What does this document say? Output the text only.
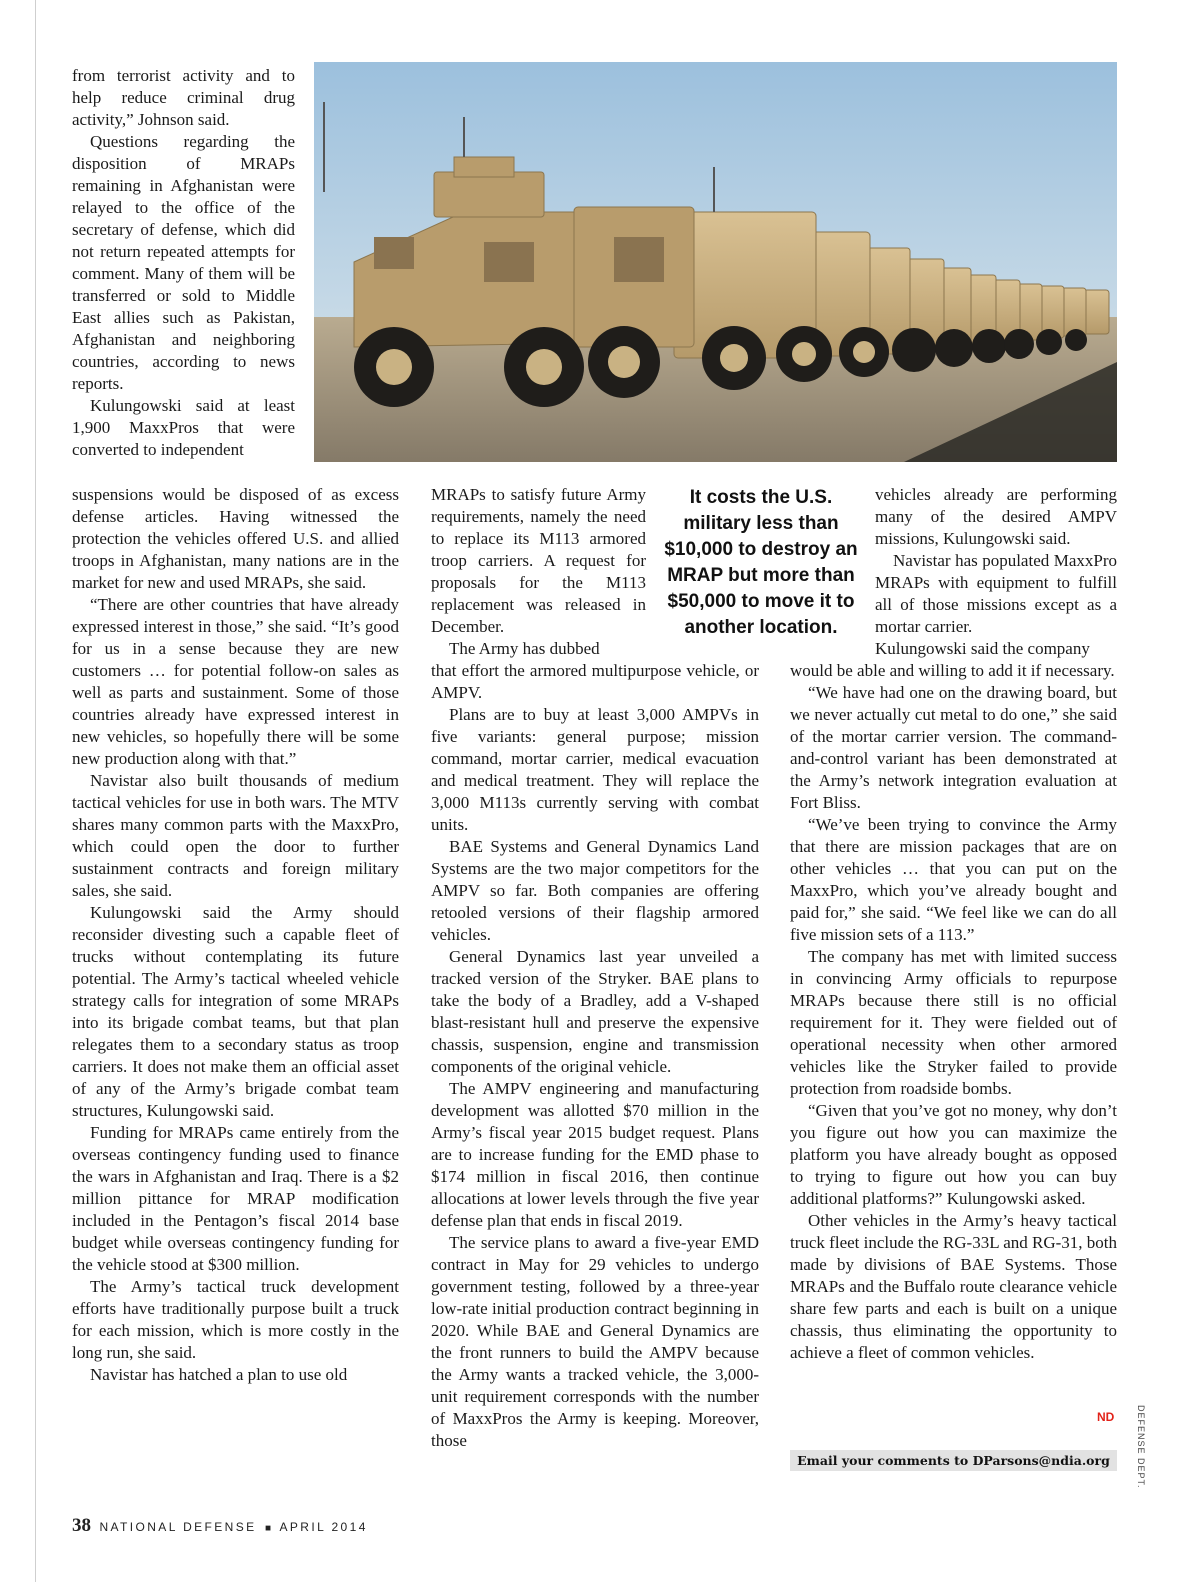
from terrorist activity and to help reduce criminal drug activity,” Johnson said.

Questions regarding the disposition of MRAPs remaining in Afghanistan were relayed to the office of the secretary of defense, which did not return repeated attempts for comment. Many of them will be transferred or sold to Middle East allies such as Pakistan, Afghanistan and neighboring countries, according to news reports.

Kulungowski said at least 1,900 MaxxPros that were converted to independent

suspensions would be disposed of as excess defense articles. Having witnessed the protection the vehicles offered U.S. and allied troops in Afghanistan, many nations are in the market for new and used MRAPs, she said.

“There are other countries that have already expressed interest in those,” she said. “It’s good for us in a sense because they are new customers … for potential follow-on sales as well as parts and sustainment. Some of those countries already have expressed interest in new vehicles, so hopefully there will be some new production along with that.”

Navistar also built thousands of medium tactical vehicles for use in both wars. The MTV shares many common parts with the MaxxPro, which could open the door to further sustainment contracts and foreign military sales, she said.

Kulungowski said the Army should reconsider divesting such a capable fleet of trucks without contemplating its future potential. The Army’s tactical wheeled vehicle strategy calls for integration of some MRAPs into its brigade combat teams, but that plan relegates them to a secondary status as troop carriers. It does not make them an official asset of any of the Army’s brigade combat team structures, Kulungowski said.

Funding for MRAPs came entirely from the overseas contingency funding used to finance the wars in Afghanistan and Iraq. There is a $2 million pittance for MRAP modification included in the Pentagon’s fiscal 2014 base budget while overseas contingency funding for the vehicle stood at $300 million.

The Army’s tactical truck development efforts have traditionally purpose built a truck for each mission, which is more costly in the long run, she said.

Navistar has hatched a plan to use old

It costs the U.S. military less than $10,000 to destroy an MRAP but more than $50,000 to move it to another location.

MRAPs to satisfy future Army requirements, namely the need to replace its M113 armored troop carriers. A request for proposals for the M113 replacement was released in December.

The Army has dubbed

that effort the armored multipurpose vehicle, or AMPV.

Plans are to buy at least 3,000 AMPVs in five variants: general purpose; mission command, mortar carrier, medical evacuation and medical treatment. They will replace the 3,000 M113s currently serving with combat units.

BAE Systems and General Dynamics Land Systems are the two major competitors for the AMPV so far. Both companies are offering retooled versions of their flagship armored vehicles.

General Dynamics last year unveiled a tracked version of the Stryker. BAE plans to take the body of a Bradley, add a V-shaped blast-resistant hull and preserve the expensive chassis, suspension, engine and transmission components of the original vehicle.

The AMPV engineering and manufacturing development was allotted $70 million in the Army’s fiscal year 2015 budget request. Plans are to increase funding for the EMD phase to $174 million in fiscal 2016, then continue allocations at lower levels through the five year defense plan that ends in fiscal 2019.

The service plans to award a five-year EMD contract in May for 29 vehicles to undergo government testing, followed by a three-year low-rate initial production contract beginning in 2020. While BAE and General Dynamics are the front runners to build the AMPV because the Army wants a tracked vehicle, the 3,000-unit requirement corresponds with the number of MaxxPros the Army is keeping. Moreover, those

vehicles already are performing many of the desired AMPV missions, Kulungowski said.

Navistar has populated MaxxPro MRAPs with equipment to fulfill all of those missions except as a mortar carrier.

Kulungowski said the company

would be able and willing to add it if necessary.

“We have had one on the drawing board, but we never actually cut metal to do one,” she said of the mortar carrier version. The command-and-control variant has been demonstrated at the Army’s network integration evaluation at Fort Bliss.

“We’ve been trying to convince the Army that there are mission packages that are on other vehicles … that you can put on the MaxxPro, which you’ve already bought and paid for,” she said. “We feel like we can do all five mission sets of a 113.”

The company has met with limited success in convincing Army officials to repurpose MRAPs because there still is no official requirement for it. They were fielded out of operational necessity when other armored vehicles like the Stryker failed to provide protection from roadside bombs.

“Given that you’ve got no money, why don’t you figure out how you can maximize the platform you have already bought as opposed to trying to figure out how you can buy additional platforms?” Kulungowski asked.

Other vehicles in the Army’s heavy tactical truck fleet include the RG-33L and RG-31, both made by divisions of BAE Systems. Those MRAPs and the Buffalo route clearance vehicle share few parts and each is built on a unique chassis, thus eliminating the opportunity to achieve a fleet of common vehicles.

ND
Email your comments to DParsons@ndia.org	DEFENSE DEPT.
38 NATIONAL DEFENSE ■ APRIL 2014
